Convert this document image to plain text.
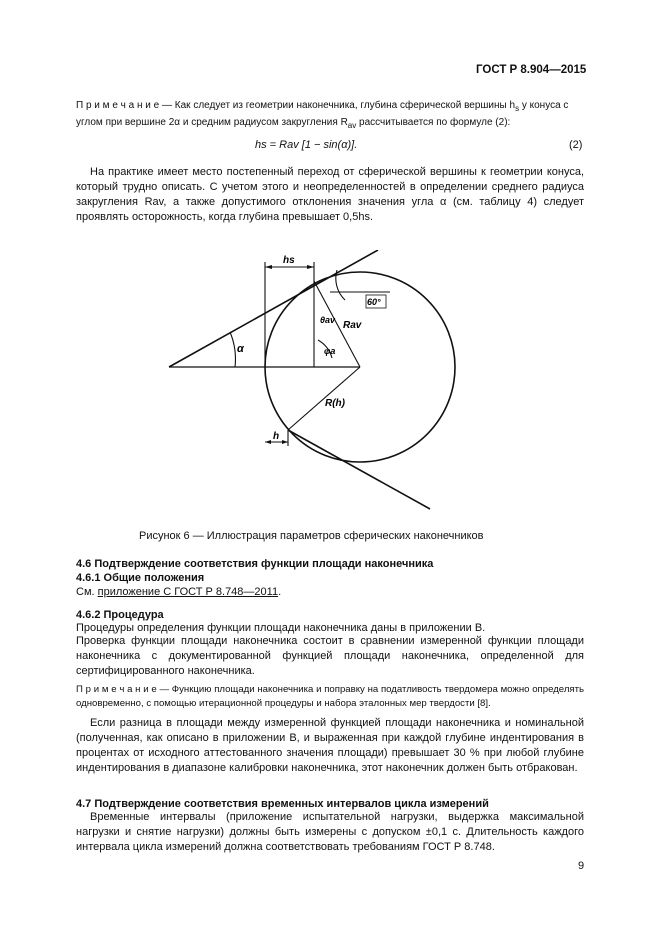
ГОСТ Р 8.904—2015

П р и м е ч а н и е — Как следует из геометрии наконечника, глубина сферической вершины $h_s$ у конуса с углом при вершине 2α и средним радиусом закругления $R_{av}$ рассчитывается по формуле (2):

hs = Rav [1 − sin(α)].	(2)

На практике имеет место постепенный переход от сферической вершины к геометрии конуса, который трудно описать. С учетом этого и неопределенностей в определении среднего радиуса закругления Rav, а также допустимого отклонения значения угла α (см. таблицу 4) следует проявлять осторожность, когда глубина превышает 0,5hs.

hs
α
60°
θav Rav
φa
R(h)
h
Рисунок 6 — Иллюстрация параметров сферических наконечников
4.6 Подтверждение соответствия функции площади наконечника
4.6.1 Общие положения
См. приложение С ГОСТ Р 8.748—2011.
4.6.2 Процедура

Процедуры определения функции площади наконечника даны в приложении В.

Проверка функции площади наконечника состоит в сравнении измеренной функции площади наконечника с документированной функцией площади наконечника, определенной для сертифицированного наконечника.

П р и м е ч а н и е — Функцию площади наконечника и поправку на податливость твердомера можно определять одновременно, с помощью итерационной процедуры и набора эталонных мер твердости [8].

Если разница в площади между измеренной функцией площади наконечника и номинальной (полученная, как описано в приложении В, и выраженная при каждой глубине индентирования в процентах от исходного аттестованного значения площади) превышает 30 % при любой глубине индентирования в диапазоне калибровки наконечника, этот наконечник должен быть отбракован.

4.7 Подтверждение соответствия временных интервалов цикла измерений

Временные интервалы (приложение испытательной нагрузки, выдержка максимальной нагрузки и снятие нагрузки) должны быть измерены с допуском ±0,1 с. Длительность каждого интервала цикла измерений должна соответствовать требованиям ГОСТ Р 8.748.

9
